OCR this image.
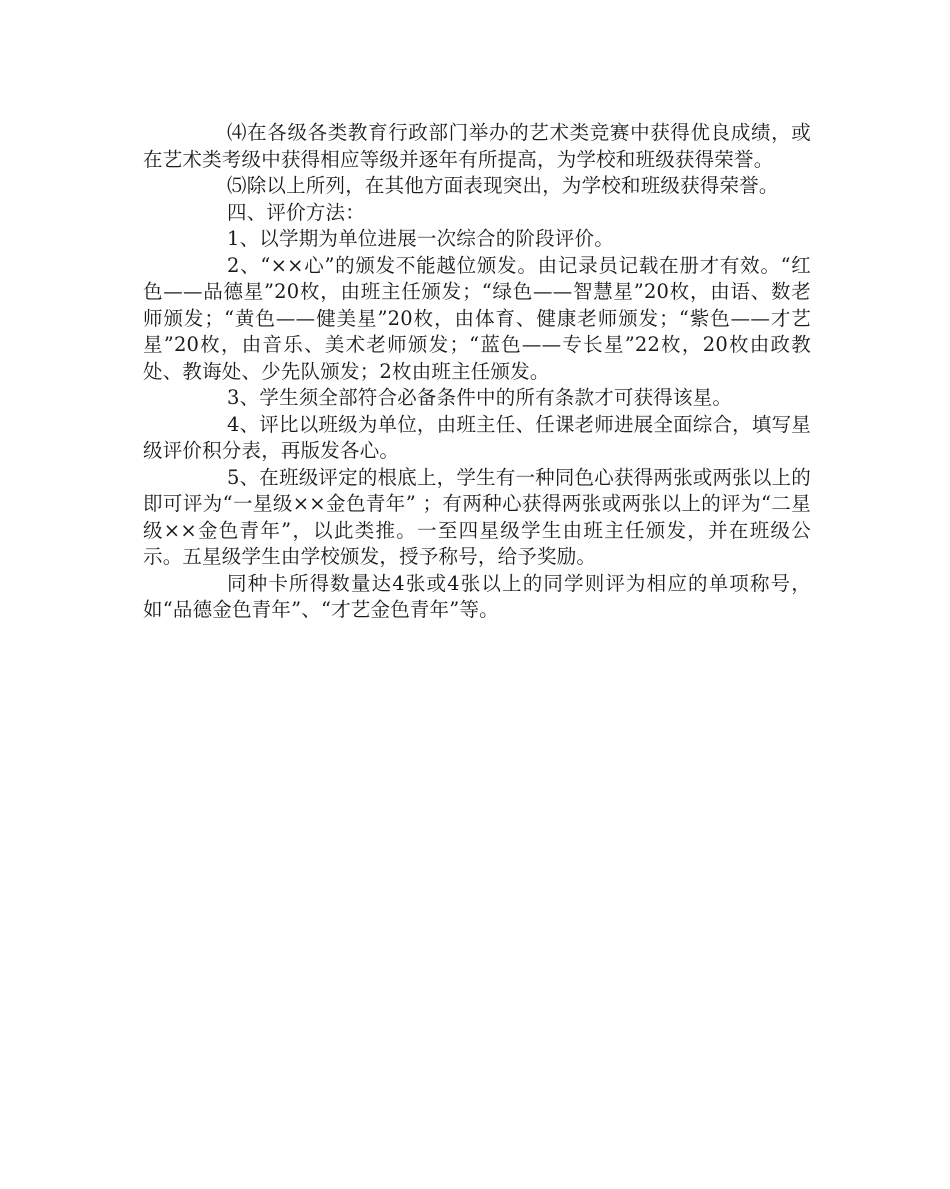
⑷在各级各类教育行政部门举办的艺术类竞赛中获得优良成绩，或在艺术类考级中获得相应等级并逐年有所提高，为学校和班级获得荣誉。

⑸除以上所列，在其他方面表现突出，为学校和班级获得荣誉。

四、评价方法：

1、以学期为单位进展一次综合的阶段评价。

2、“××心”的颁发不能越位颁发。由记录员记载在册才有效。“红色——品德星”20枚，由班主任颁发；“绿色——智慧星”20枚，由语、数老师颁发；“黄色——健美星”20枚，由体育、健康老师颁发；“紫色——才艺星”20枚，由音乐、美术老师颁发；“蓝色——专长星”22枚，20枚由政教处、教诲处、少先队颁发；2枚由班主任颁发。

3、学生须全部符合必备条件中的所有条款才可获得该星。

4、评比以班级为单位，由班主任、任课老师进展全面综合，填写星级评价积分表，再版发各心。

5、在班级评定的根底上，学生有一种同色心获得两张或两张以上的即可评为“一星级××金色青年” ；有两种心获得两张或两张以上的评为“二星级××金色青年”，以此类推。一至四星级学生由班主任颁发，并在班级公示。五星级学生由学校颁发，授予称号，给予奖励。

同种卡所得数量达4张或4张以上的同学则评为相应的单项称号，如“品德金色青年”、“才艺金色青年”等。
